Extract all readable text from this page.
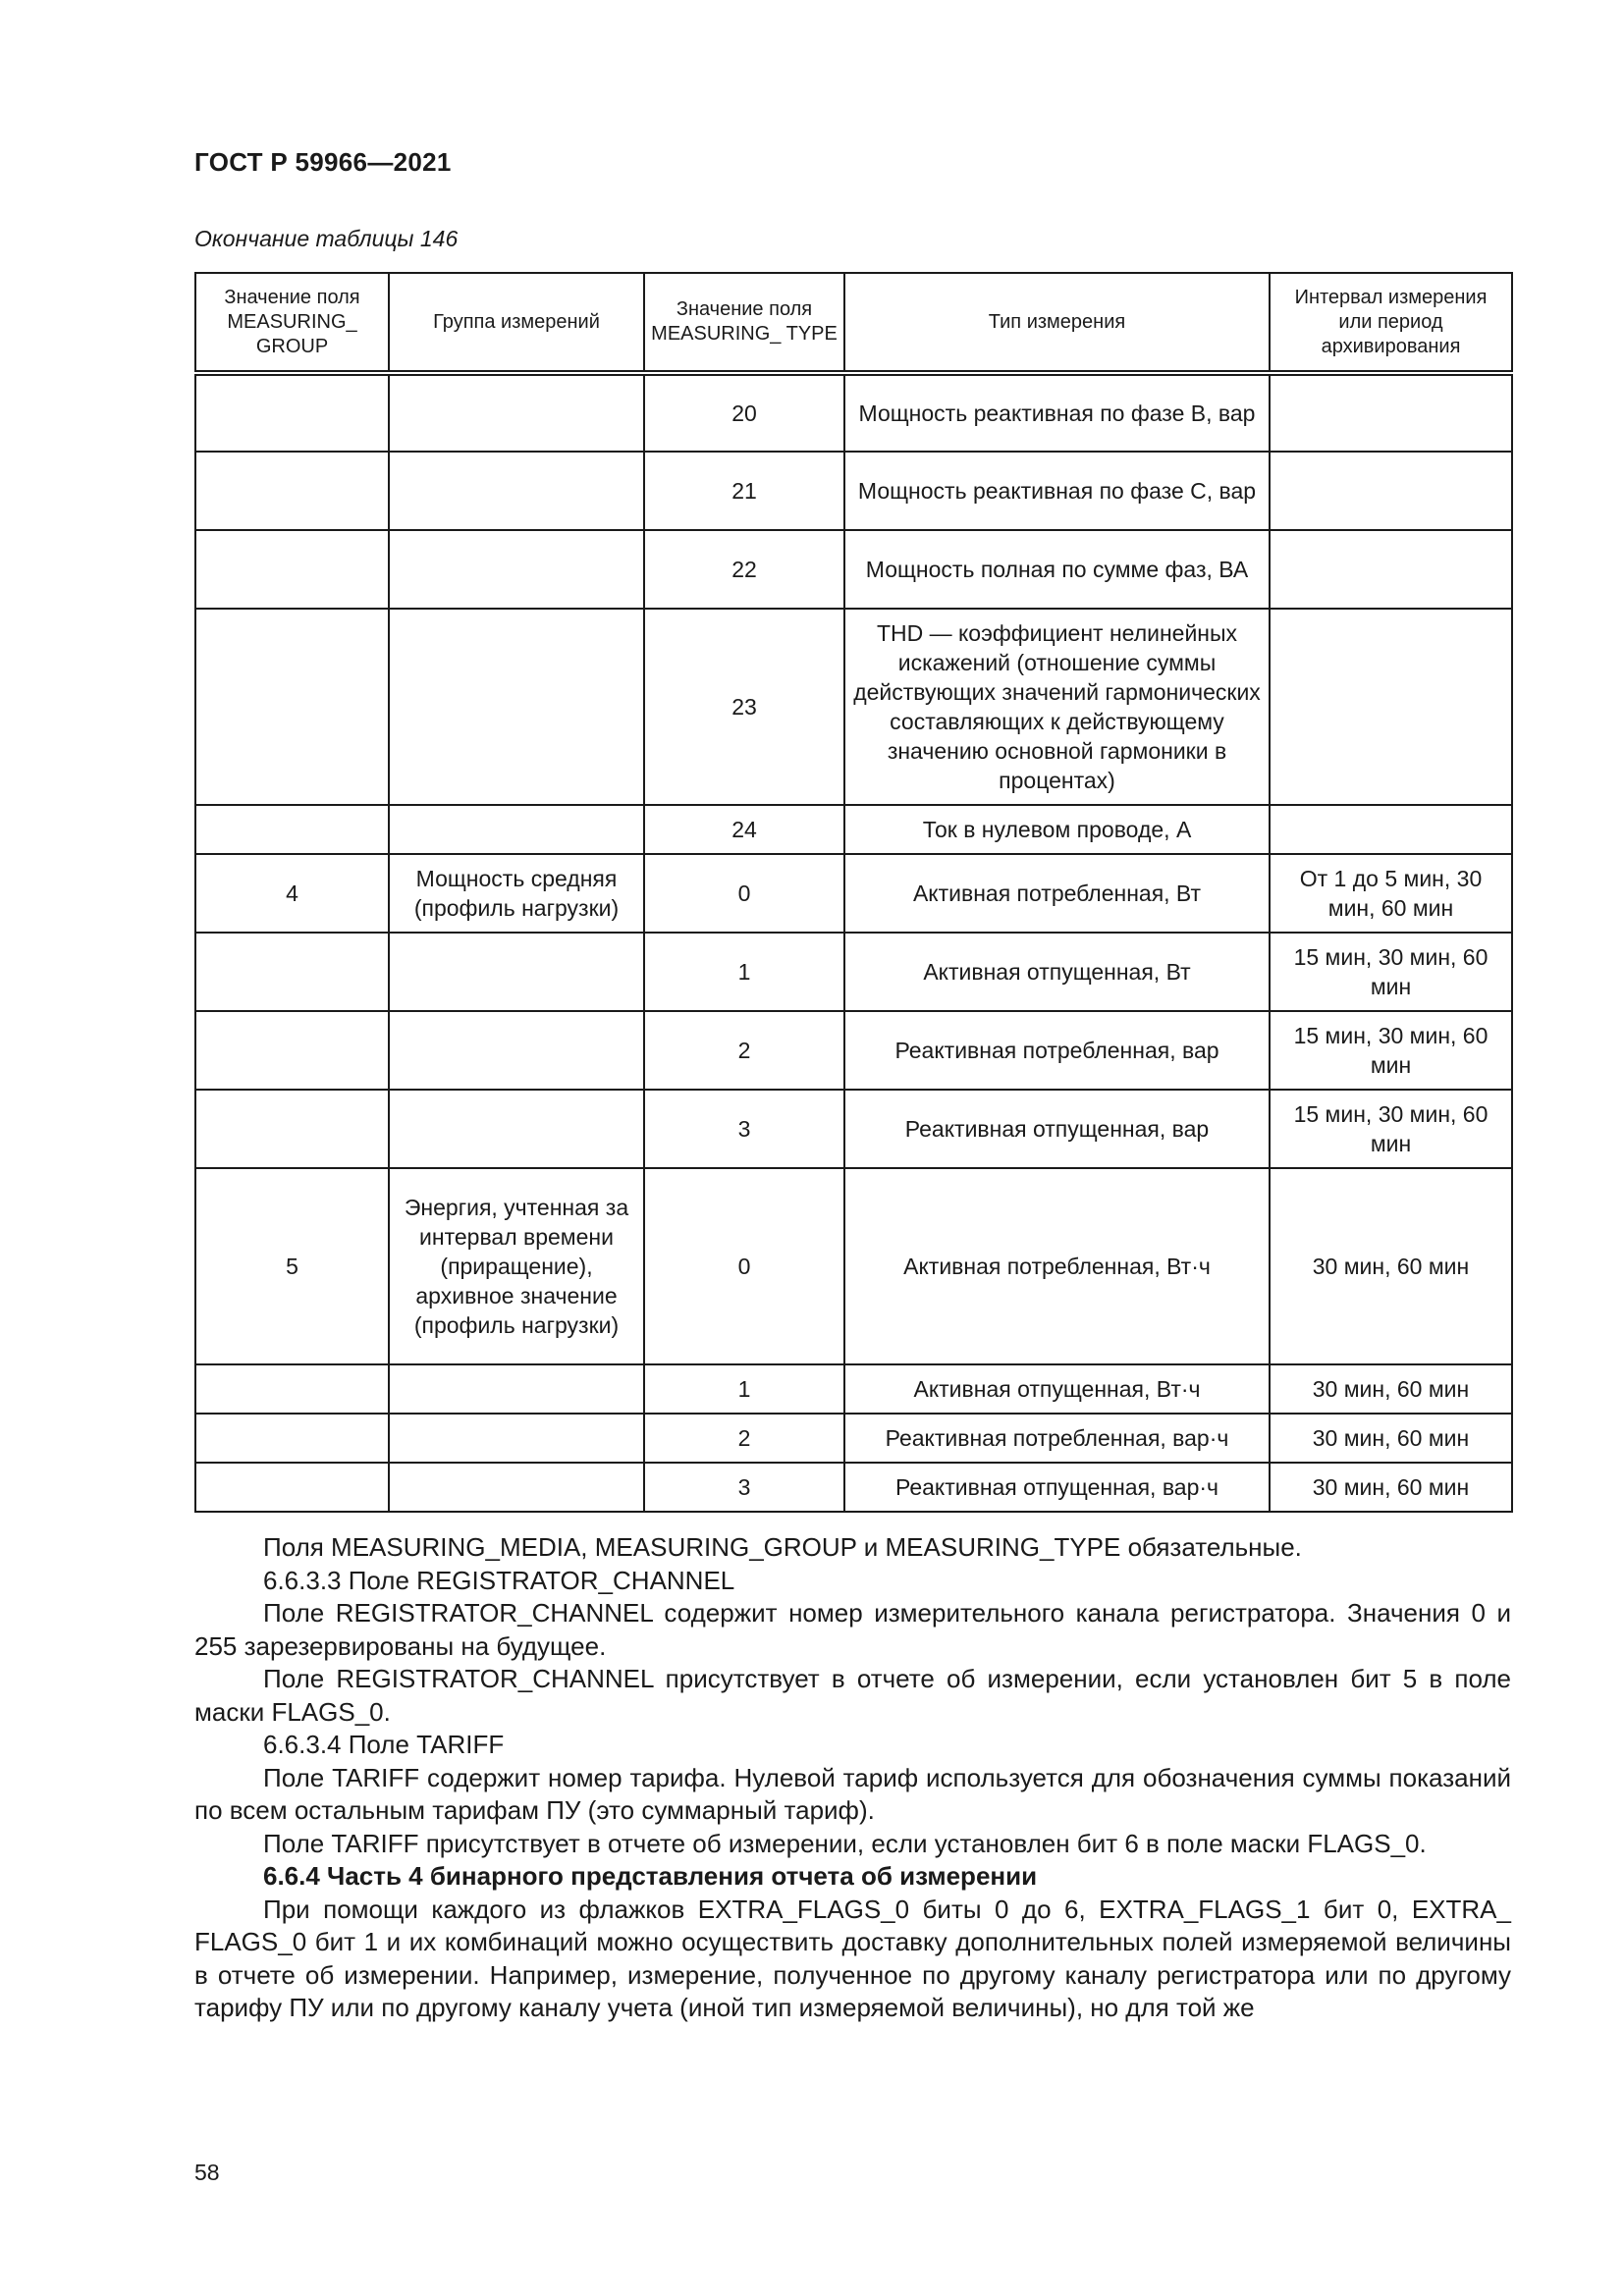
ГОСТ Р 59966—2021
Окончание таблицы 146
Значение поля MEASURING_ GROUP	Группа измерений	Значение поля MEASURING_ TYPE	Тип измерения	Интервал измерения или период архивирования
		20	Мощность реактивная по фазе B, вар	
		21	Мощность реактивная по фазе C, вар	
		22	Мощность полная по сумме фаз, ВА	
		23	THD — коэффициент нелинейных искажений (отношение суммы действующих значений гармонических составляющих к действующему значению основной гармоники в процентах)	
		24	Ток в нулевом проводе, А	
4	Мощность средняя (профиль нагрузки)	0	Активная потребленная, Вт	От 1 до 5 мин, 30 мин, 60 мин
		1	Активная отпущенная, Вт	15 мин, 30 мин, 60 мин
		2	Реактивная потребленная, вар	15 мин, 30 мин, 60 мин
		3	Реактивная отпущенная, вар	15 мин, 30 мин, 60 мин
5	Энергия, учтенная за интервал времени (приращение), архивное значение (профиль нагрузки)	0	Активная потребленная, Вт·ч	30 мин, 60 мин
		1	Активная отпущенная, Вт·ч	30 мин, 60 мин
		2	Реактивная потребленная, вар·ч	30 мин, 60 мин
		3	Реактивная отпущенная, вар·ч	30 мин, 60 мин

Поля MEASURING_MEDIA, MEASURING_GROUP и MEASURING_TYPE обязательные.

6.6.3.3 Поле REGISTRATOR_CHANNEL

Поле REGISTRATOR_CHANNEL содержит номер измерительного канала регистратора. Значения 0 и 255 зарезервированы на будущее.

Поле REGISTRATOR_CHANNEL присутствует в отчете об измерении, если установлен бит 5 в поле маски FLAGS_0.

6.6.3.4 Поле TARIFF

Поле TARIFF содержит номер тарифа. Нулевой тариф используется для обозначения суммы показаний по всем остальным тарифам ПУ (это суммарный тариф).

Поле TARIFF присутствует в отчете об измерении, если установлен бит 6 в поле маски FLAGS_0.

6.6.4 Часть 4 бинарного представления отчета об измерении

При помощи каждого из флажков EXTRA_FLAGS_0 биты 0 до 6, EXTRA_FLAGS_1 бит 0, EXTRA_ FLAGS_0 бит 1 и их комбинаций можно осуществить доставку дополнительных полей измеряемой величины в отчете об измерении. Например, измерение, полученное по другому каналу регистратора или по другому тарифу ПУ или по другому каналу учета (иной тип измеряемой величины), но для той же

58
